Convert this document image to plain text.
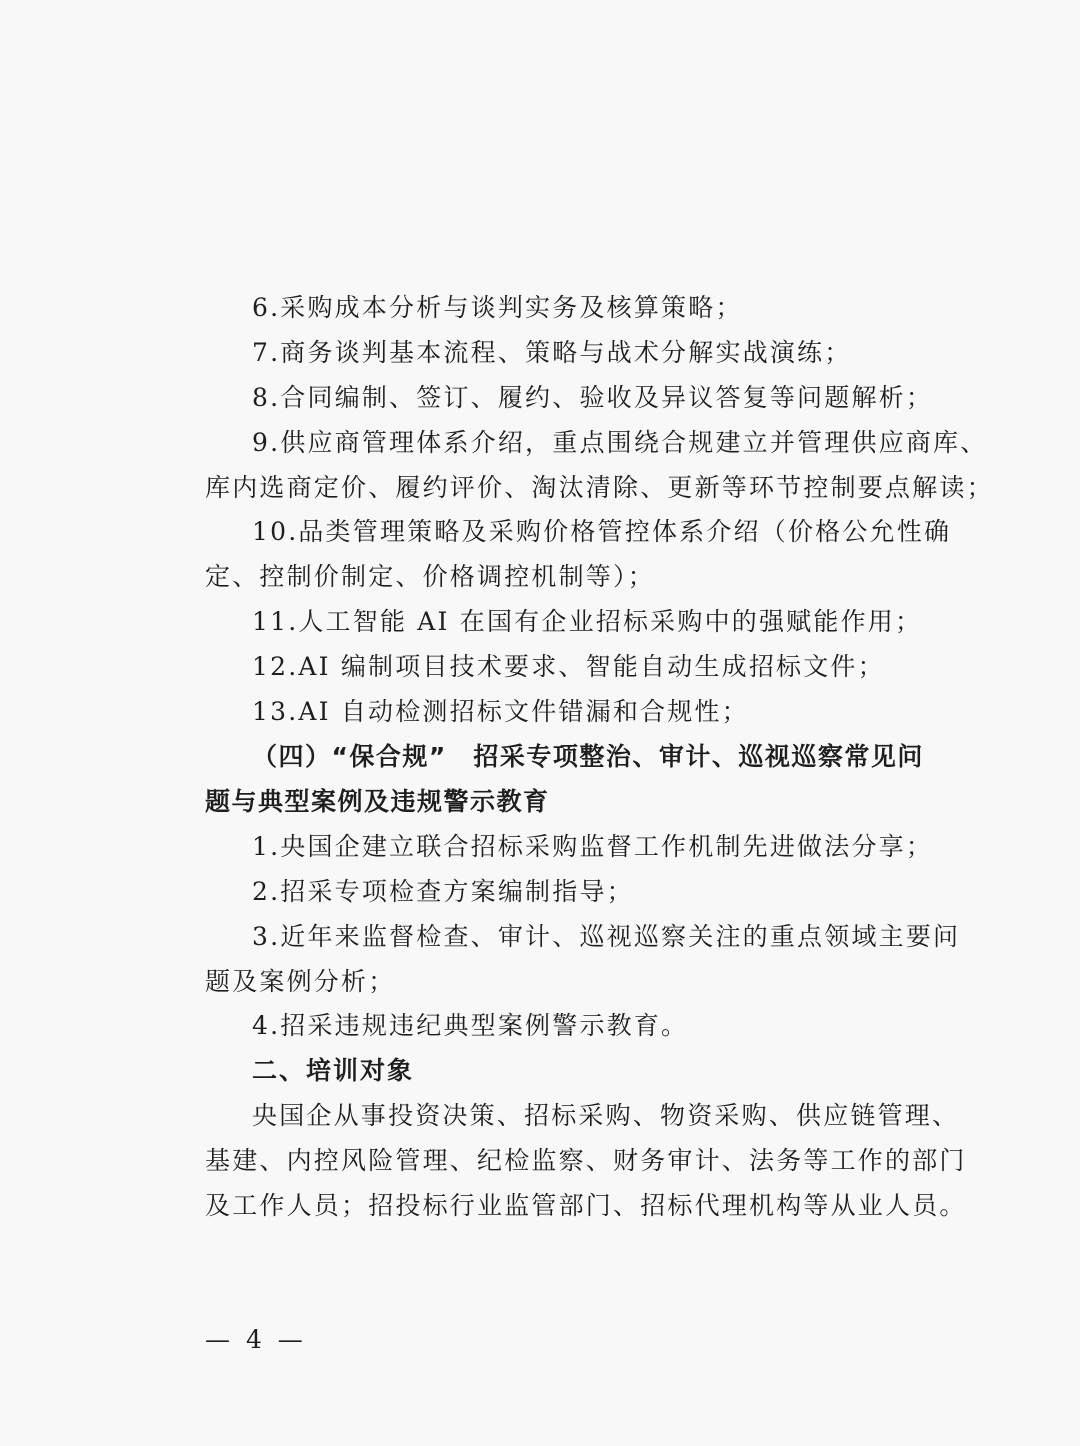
6.采购成本分析与谈判实务及核算策略；
7.商务谈判基本流程、策略与战术分解实战演练；
8.合同编制、签订、履约、验收及异议答复等问题解析；
9.供应商管理体系介绍，重点围绕合规建立并管理供应商库、
库内选商定价、履约评价、淘汰清除、更新等环节控制要点解读；
10.品类管理策略及采购价格管控体系介绍（价格公允性确
定、控制价制定、价格调控机制等）；
11.人工智能 AI 在国有企业招标采购中的强赋能作用；
12.AI 编制项目技术要求、智能自动生成招标文件；
13.AI 自动检测招标文件错漏和合规性；
（四）“保合规”　招采专项整治、审计、巡视巡察常见问
题与典型案例及违规警示教育
1.央国企建立联合招标采购监督工作机制先进做法分享；
2.招采专项检查方案编制指导；
3.近年来监督检查、审计、巡视巡察关注的重点领域主要问
题及案例分析；
4.招采违规违纪典型案例警示教育。
二、培训对象
央国企从事投资决策、招标采购、物资采购、供应链管理、
基建、内控风险管理、纪检监察、财务审计、法务等工作的部门
及工作人员；招投标行业监管部门、招标代理机构等从业人员。
— 4 —
